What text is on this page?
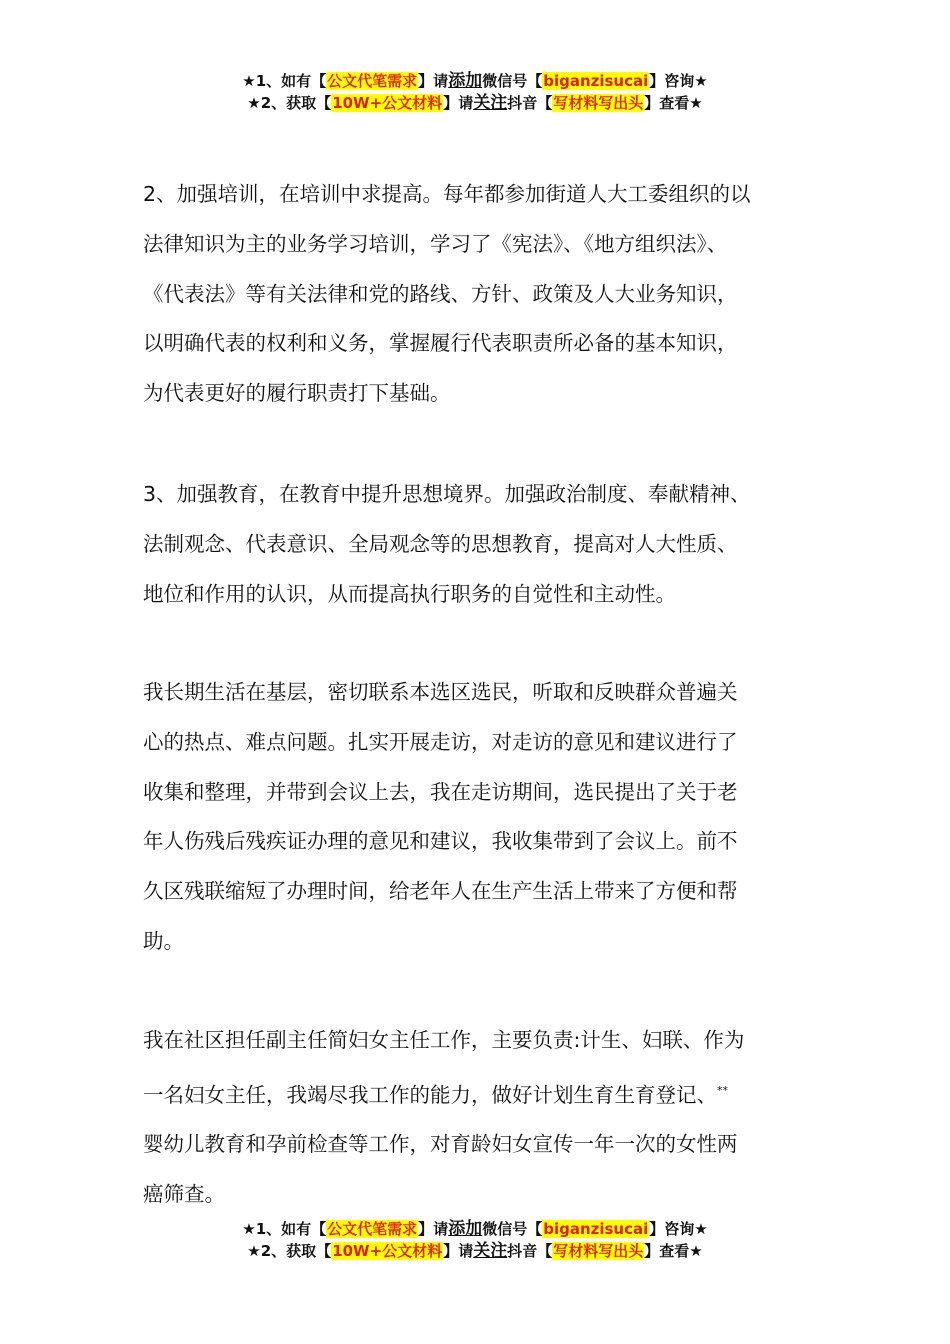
★1、如有【公文代笔需求】请添加微信号【biganzisucai】咨询★
★2、获取【10W+公文材料】请关注抖音【写材料写出头】查看★
2、加强培训，在培训中求提高。每年都参加街道人大工委组织的以
法律知识为主的业务学习培训，学习了《宪法》、《地方组织法》、
《代表法》等有关法律和党的路线、方针、政策及人大业务知识，
以明确代表的权利和义务，掌握履行代表职责所必备的基本知识，
为代表更好的履行职责打下基础。
3、加强教育，在教育中提升思想境界。加强政治制度、奉献精神、
法制观念、代表意识、全局观念等的思想教育，提高对人大性质、
地位和作用的认识，从而提高执行职务的自觉性和主动性。
我长期生活在基层，密切联系本选区选民，听取和反映群众普遍关
心的热点、难点问题。扎实开展走访，对走访的意见和建议进行了
收集和整理，并带到会议上去，我在走访期间，选民提出了关于老
年人伤残后残疾证办理的意见和建议，我收集带到了会议上。前不
久区残联缩短了办理时间，给老年人在生产生活上带来了方便和帮
助。
我在社区担任副主任简妇女主任工作，主要负责:计生、妇联、作为
一名妇女主任，我竭尽我工作的能力，做好计划生育生育登记、**
婴幼儿教育和孕前检查等工作，对育龄妇女宣传一年一次的女性两
癌筛查。
★1、如有【公文代笔需求】请添加微信号【biganzisucai】咨询★
★2、获取【10W+公文材料】请关注抖音【写材料写出头】查看★
